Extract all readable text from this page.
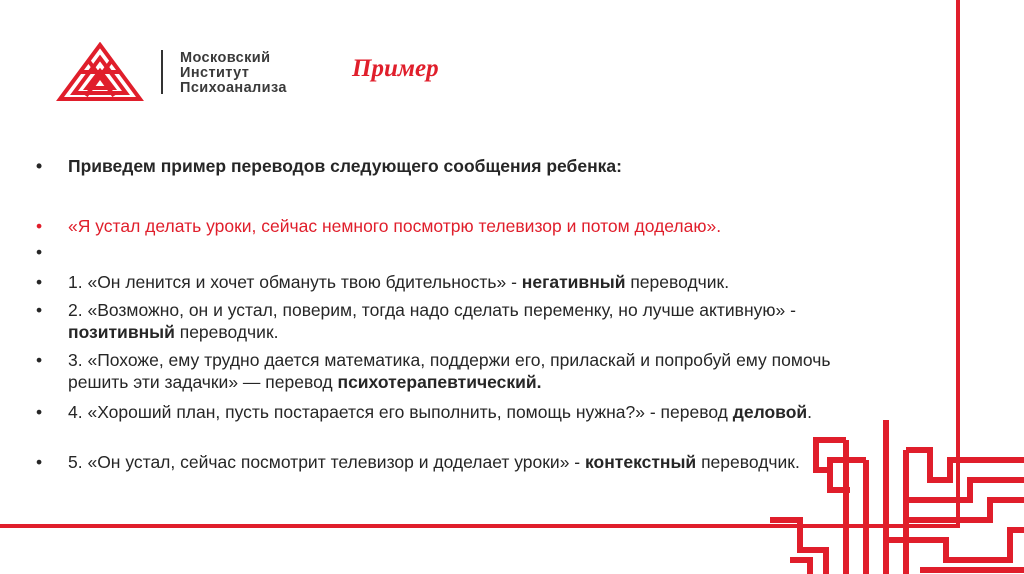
Московский
Институт
Психоанализа
Пример
•	Приведем пример переводов следующего сообщения ребенка:
•	«Я устал делать уроки, сейчас немного посмотрю телевизор и потом доделаю».
•
•	1. «Он ленится и хочет обмануть твою бдительность» - негативный переводчик.
•	2. «Возможно, он и устал, поверим, тогда надо сделать переменку, но лучше активную» - позитивный переводчик.
•	3. «Похоже, ему трудно дается математика, поддержи его, приласкай и попробуй ему помочь решить эти задачки» — перевод психотерапевтический.
•	4. «Хороший план, пусть постарается его выполнить, помощь нужна?» - перевод деловой.
•	5. «Он устал, сейчас посмотрит телевизор и доделает уроки» - контекстный переводчик.
